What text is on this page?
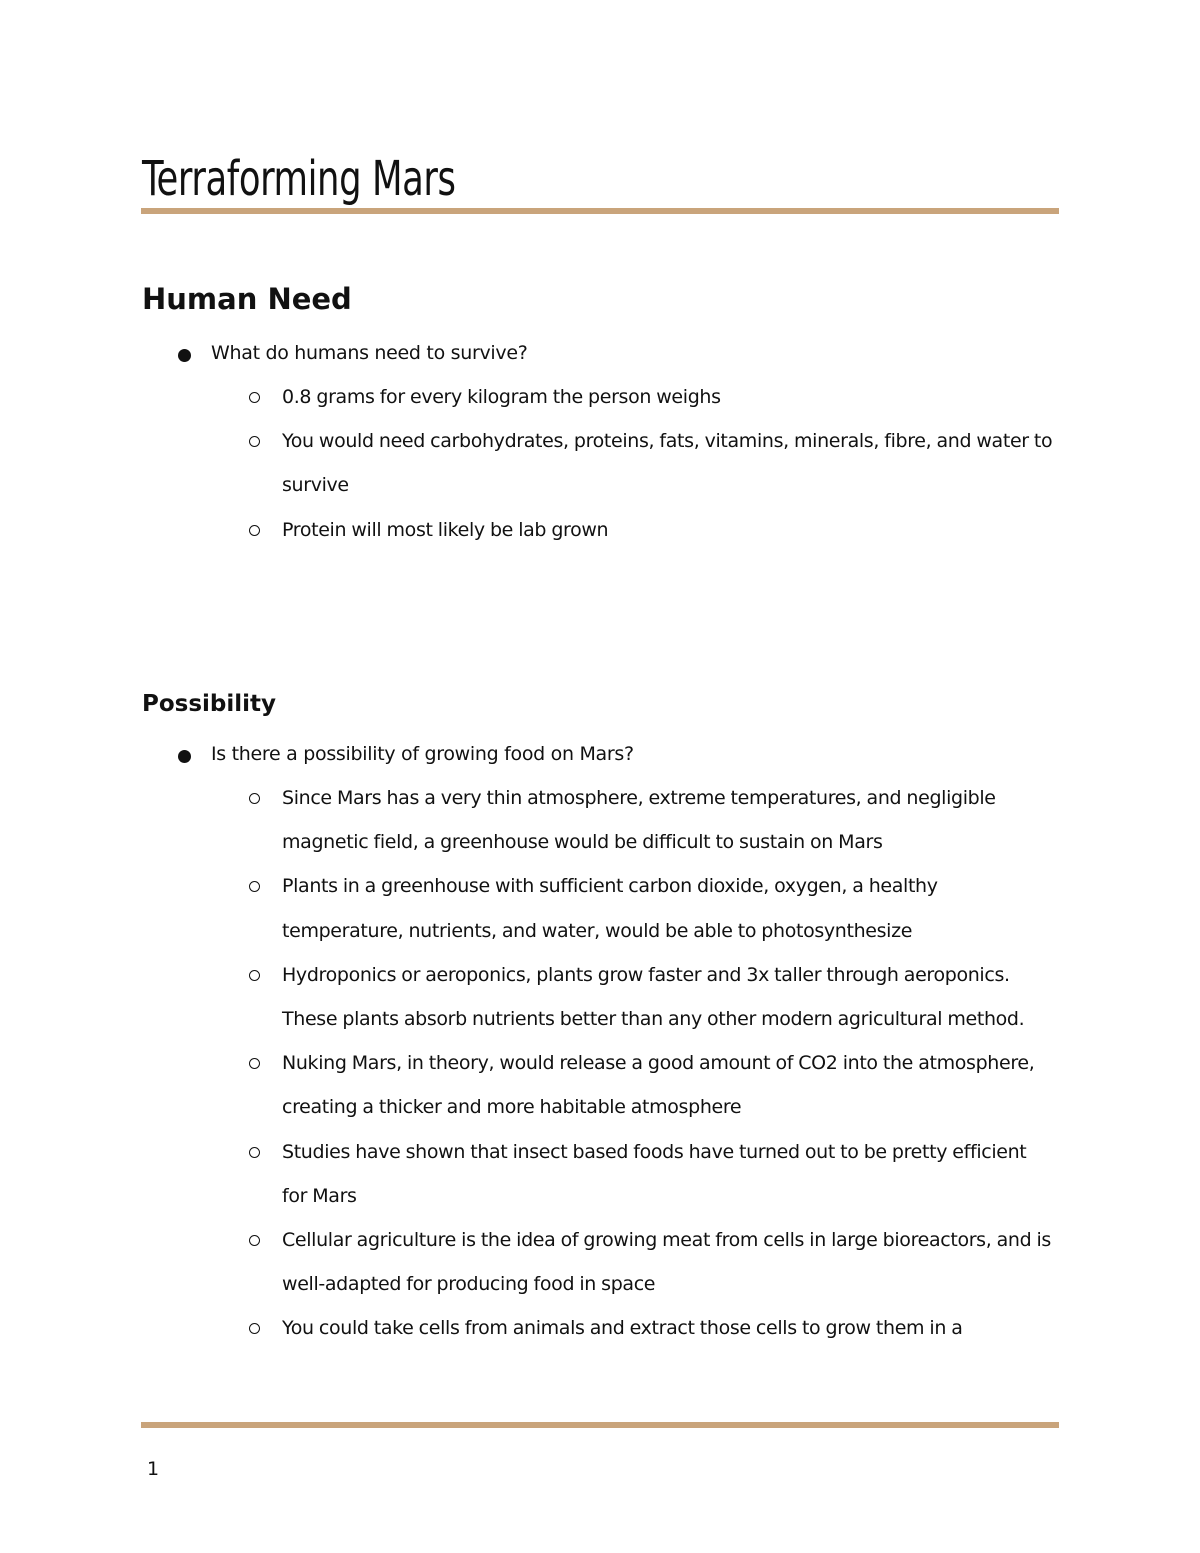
Terraforming Mars
Human Need
What do humans need to survive?
0.8 grams for every kilogram the person weighs
You would need carbohydrates, proteins, fats, vitamins, minerals, fibre, and water to survive
Protein will most likely be lab grown
Possibility
Is there a possibility of growing food on Mars?
Since Mars has a very thin atmosphere, extreme temperatures, and negligible magnetic field, a greenhouse would be difficult to sustain on Mars
Plants in a greenhouse with sufficient carbon dioxide, oxygen, a healthy temperature, nutrients, and water, would be able to photosynthesize
Hydroponics or aeroponics, plants grow faster and 3x taller through aeroponics. These plants absorb nutrients better than any other modern agricultural method.
Nuking Mars, in theory, would release a good amount of CO2 into the atmosphere, creating a thicker and more habitable atmosphere
Studies have shown that insect based foods have turned out to be pretty efficient for Mars
Cellular agriculture is the idea of growing meat from cells in large bioreactors, and is well-adapted for producing food in space
You could take cells from animals and extract those cells to grow them in a
1
